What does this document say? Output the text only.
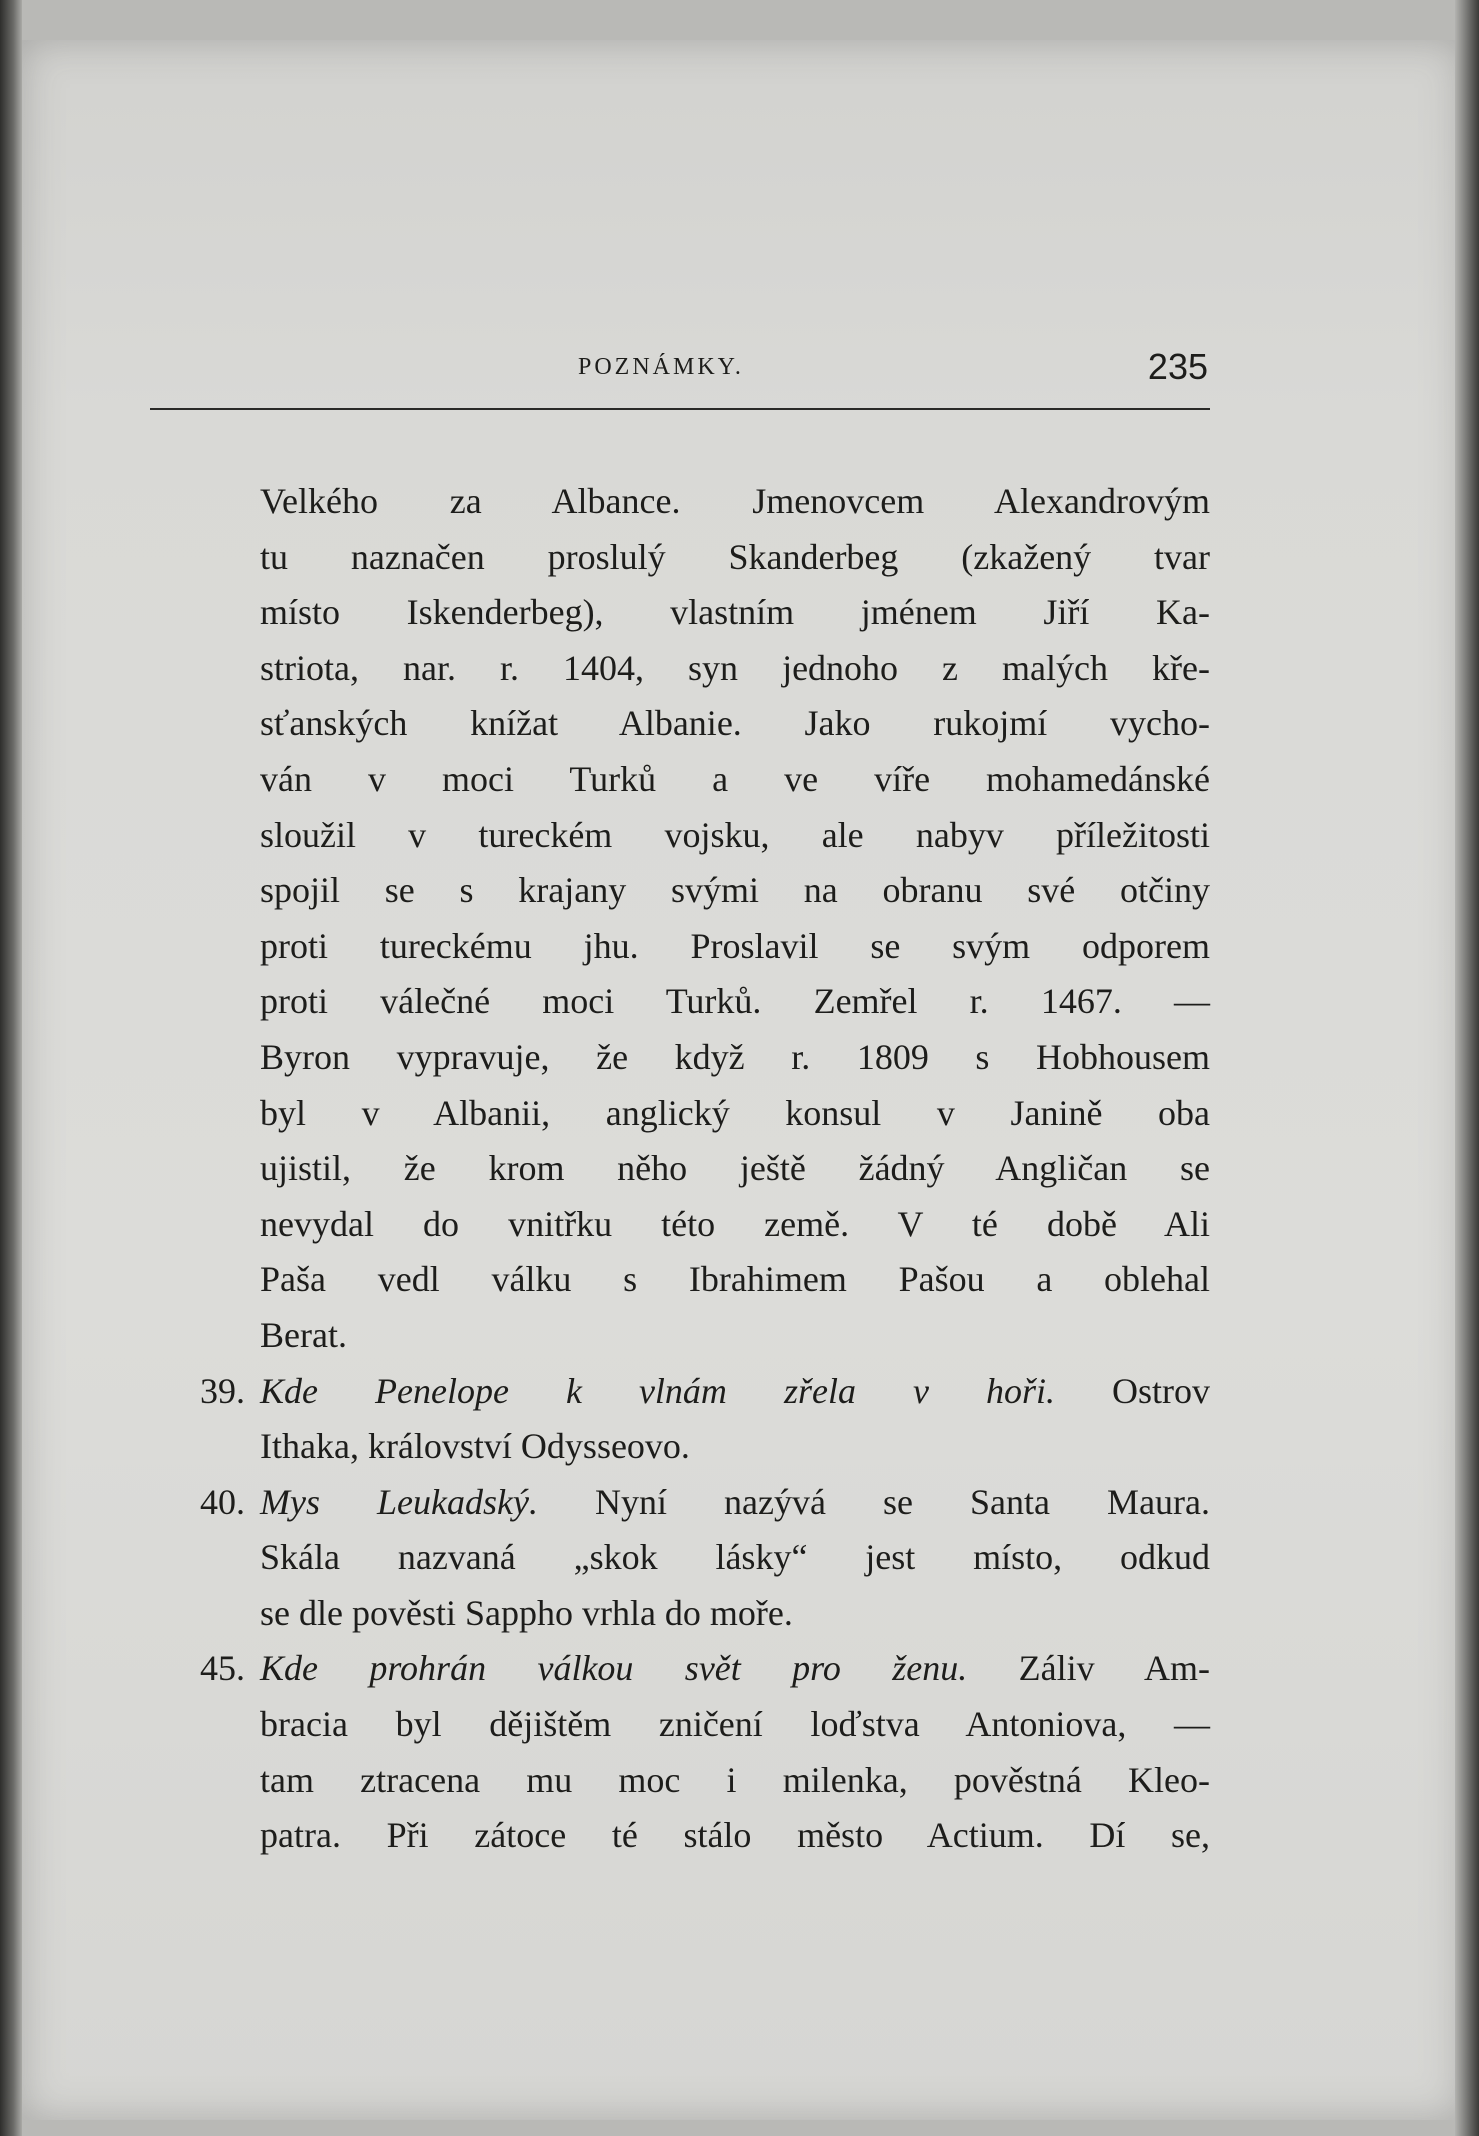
POZNÁMKY.	235
Velkého za Albance. Jmenovcem Alexandrovým
tu naznačen proslulý Skanderbeg (zkažený tvar
místo Iskenderbeg), vlastním jménem Jiří Ka-
striota, nar. r. 1404, syn jednoho z malých kře-
sťanských knížat Albanie. Jako rukojmí vycho-
ván v moci Turků a ve víře mohamedánské
sloužil v tureckém vojsku, ale nabyv příležitosti
spojil se s krajany svými na obranu své otčiny
proti tureckému jhu. Proslavil se svým odporem
proti válečné moci Turků. Zemřel r. 1467. —
Byron vypravuje, že když r. 1809 s Hobhousem
byl v Albanii, anglický konsul v Janině oba
ujistil, že krom něho ještě žádný Angličan se
nevydal do vnitřku této země. V té době Ali
Paša vedl válku s Ibrahimem Pašou a oblehal
Berat.
39. Kde Penelope k vlnám zřela v hoři. Ostrov
Ithaka, království Odysseovo.
40. Mys Leukadský. Nyní nazývá se Santa Maura.
Skála nazvaná „skok lásky“ jest místo, odkud
se dle pověsti Sappho vrhla do moře.
45. Kde prohrán válkou svět pro ženu. Záliv Am-
bracia byl dějištěm zničení loďstva Antoniova, —
tam ztracena mu moc i milenka, pověstná Kleo-
patra. Při zátoce té stálo město Actium. Dí se,
